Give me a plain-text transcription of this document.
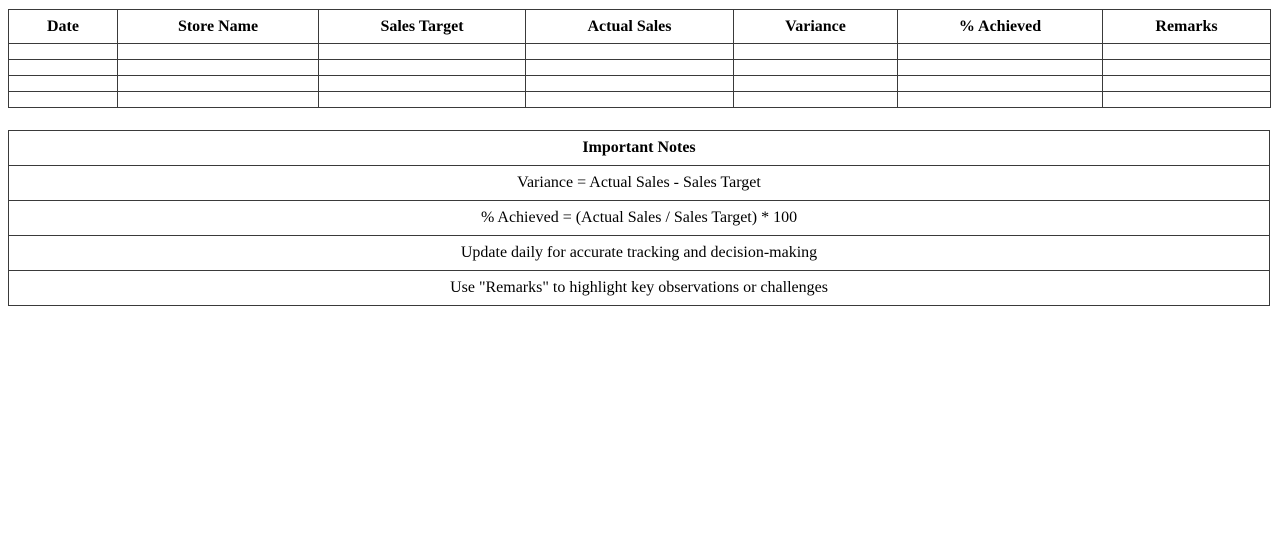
Date	Store Name	Sales Target	Actual Sales	Variance	% Achieved	Remarks

Important Notes
Variance = Actual Sales - Sales Target
% Achieved = (Actual Sales / Sales Target) * 100
Update daily for accurate tracking and decision-making
Use "Remarks" to highlight key observations or challenges
